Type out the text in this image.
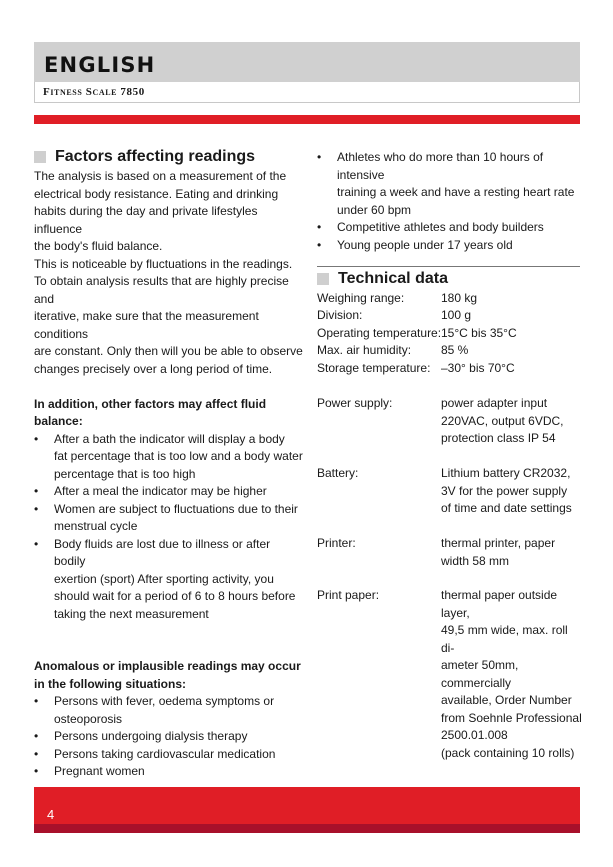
ENGLISH
Fitness Scale 7850
Factors affecting readings

The analysis is based on a measurement of the

electrical body resistance. Eating and drinking

habits during the day and private lifestyles influence

the body's fluid balance.

This is noticeable by fluctuations in the readings.

To obtain analysis results that are highly precise and

iterative, make sure that the measurement conditions

are constant. Only then will you be able to observe

changes precisely over a long period of time.

In addition, other factors may affect fluid

balance:

• After a bath the indicator will display a body

fat percentage that is too low and a body water

percentage that is too high

• After a meal the indicator may be higher

• Women are subject to fluctuations due to their

menstrual cycle

• Body fluids are lost due to illness or after bodily

exertion (sport) After sporting activity, you

should wait for a period of 6 to 8 hours before

taking the next measurement

Anomalous or implausible readings may occur

in the following situations:

• Persons with fever, oedema symptoms or

osteoporosis

• Persons undergoing dialysis therapy

• Persons taking cardiovascular medication

• Pregnant women

• Athletes who do more than 10 hours of intensive

training a week and have a resting heart rate

under 60 bpm

• Competitive athletes and body builders

• Young people under 17 years old

Technical data
Weighing range:	180 kg
Division:	100 g
Operating temperature: 15°C bis 35°C
Max. air humidity: 85 %
Storage temperature: –30° bis 70°C
Power supply:	power adapter input

220VAC, output 6VDC,

protection class IP 54

Battery:	Lithium battery CR2032,

3V for the power supply

of time and date settings

Printer:	thermal printer, paper

width 58 mm

Print paper:	thermal paper outside layer,

49,5 mm wide, max. roll di-

ameter 50mm, commercially

available, Order Number

from Soehnle Professional

2500.01.008

(pack containing 10 rolls)

4
